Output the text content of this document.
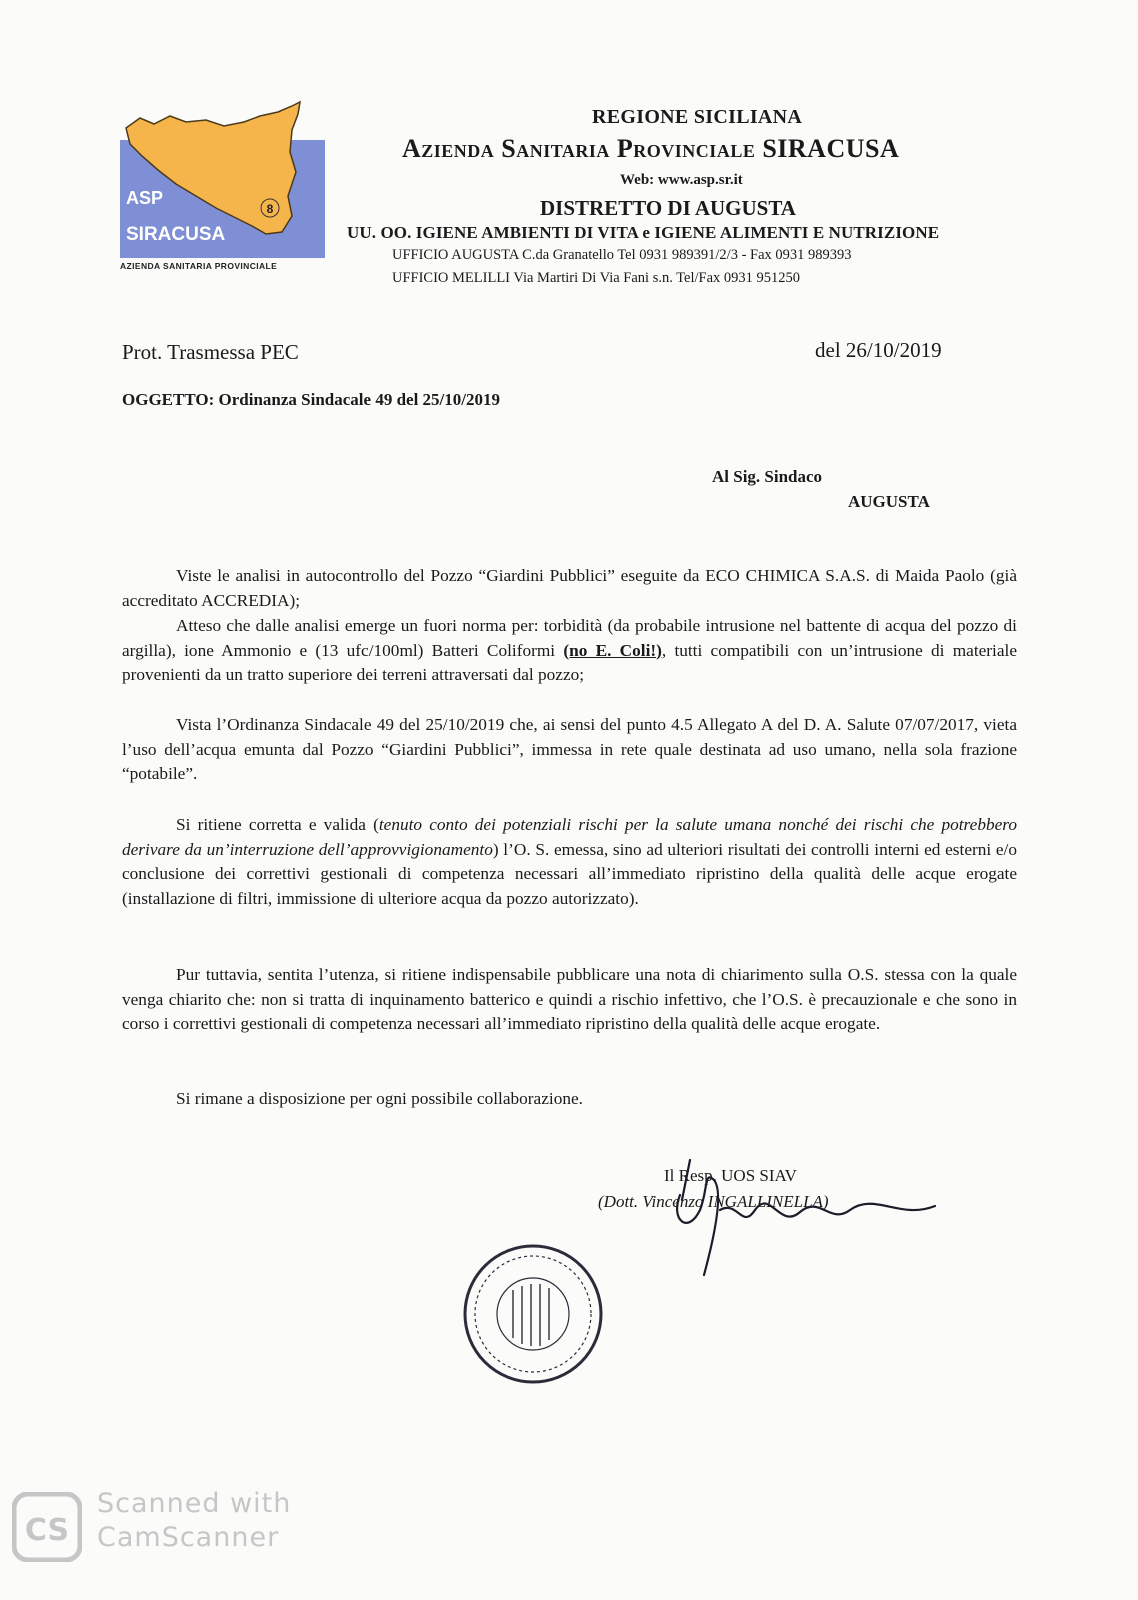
8
ASP
SIRACUSA
AZIENDA SANITARIA PROVINCIALE
REGIONE SICILIANA
Azienda Sanitaria Provinciale SIRACUSA
Web: www.asp.sr.it
DISTRETTO DI AUGUSTA
UU. OO. IGIENE AMBIENTI DI VITA e IGIENE ALIMENTI E NUTRIZIONE
UFFICIO AUGUSTA C.da Granatello Tel 0931 989391/2/3 - Fax 0931 989393
UFFICIO MELILLI Via Martiri Di Via Fani s.n. Tel/Fax 0931 951250
Prot. Trasmessa PEC	del 26/10/2019
OGGETTO: Ordinanza Sindacale 49 del 25/10/2019
Al Sig. Sindaco
AUGUSTA

Viste le analisi in autocontrollo del Pozzo “Giardini Pubblici” eseguite da ECO CHIMICA S.A.S. di Maida Paolo (già accreditato ACCREDIA);

Atteso che dalle analisi emerge un fuori norma per: torbidità (da probabile intrusione nel battente di acqua del pozzo di argilla), ione Ammonio e (13 ufc/100ml) Batteri Coliformi (no E. Coli!), tutti compatibili con un’intrusione di materiale provenienti da un tratto superiore dei terreni attraversati dal pozzo;

Vista l’Ordinanza Sindacale 49 del 25/10/2019 che, ai sensi del punto 4.5 Allegato A del D. A. Salute 07/07/2017, vieta l’uso dell’acqua emunta dal Pozzo “Giardini Pubblici”, immessa in rete quale destinata ad uso umano, nella sola frazione “potabile”.

Si ritiene corretta e valida (tenuto conto dei potenziali rischi per la salute umana nonché dei rischi che potrebbero derivare da un’interruzione dell’approvvigionamento) l’O. S. emessa, sino ad ulteriori risultati dei controlli interni ed esterni e/o conclusione dei correttivi gestionali di competenza necessari all’immediato ripristino della qualità delle acque erogate (installazione di filtri, immissione di ulteriore acqua da pozzo autorizzato).

Pur tuttavia, sentita l’utenza, si ritiene indispensabile pubblicare una nota di chiarimento sulla O.S. stessa con la quale venga chiarito che: non si tratta di inquinamento batterico e quindi a rischio infettivo, che l’O.S. è precauzionale e che sono in corso i correttivi gestionali di competenza necessari all’immediato ripristino della qualità delle acque erogate.

Si rimane a disposizione per ogni possibile collaborazione.

Il Resp. UOS SIAV
(Dott. Vincenzo INGALLINELLA)
CS
Scanned with
CamScanner
